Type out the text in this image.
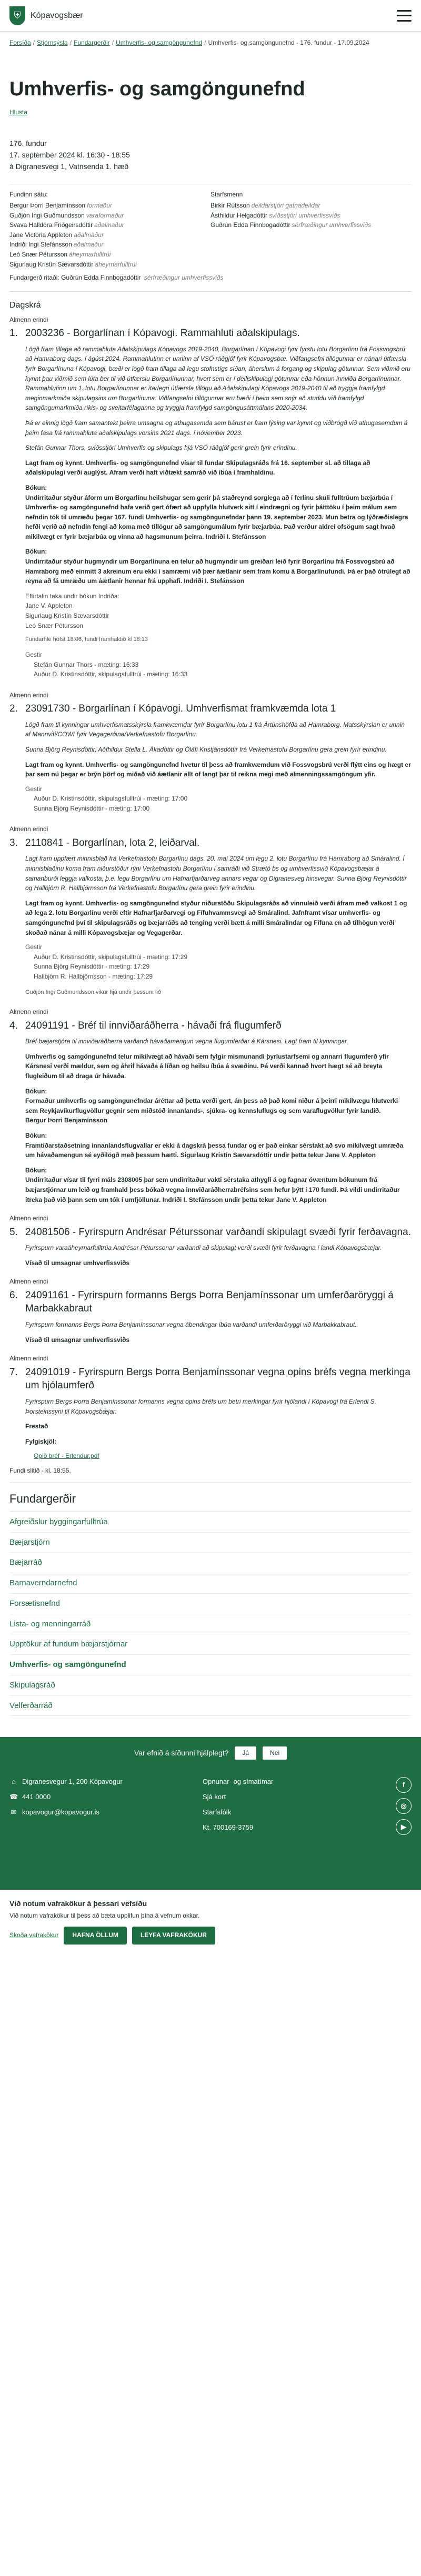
⛨	Kópavogsbær
Forsíða / Stjórnsýsla / Fundargerðir / Umhverfis- og samgöngunefnd / Umhverfis- og samgöngunefnd - 176. fundur - 17.09.2024
Umhverfis- og samgöngunefnd
Hlusta
176. fundur
17. september 2024 kl. 16:30 - 18:55
á Digranesvegi 1, Vatnsenda 1. hæð
Fundinn sátu:
Bergur Þorri Benjamínsson formaður
Guðjón Ingi Guðmundsson varaformaður
Svava Halldóra Friðgeirsdóttir aðalmaður
Jane Victoria Appleton aðalmaður
Indriði Ingi Stefánsson aðalmaður
Leó Snær Pétursson áheyrnarfulltrúi
Sigurlaug Kristín Sævarsdóttir áheyrnarfulltrúi
Starfsmenn
Birkir Rútsson deildarstjóri gatnadeildar
Ásthildur Helgadóttir sviðsstjóri umhverfissviðs
Guðrún Edda Finnbogadóttir sérfræðingur umhverfissviðs
Fundargerð ritaði: Guðrún Edda Finnbogadóttir sérfræðingur umhverfissviðs
Dagskrá
Almenn erindi
1. 2003236 - Borgarlínan í Kópavogi. Rammahluti aðalskipulags.
Lögð fram tillaga að rammahluta Aðalskipulags Kópavogs 2019-2040, Borgarlínan í Kópavogi fyrir fyrstu lotu Borgarlínu frá Fossvogsbrú að Hamraborg dags. í ágúst 2024. Rammahlutinn er unninn af VSÓ ráðgjöf fyrir Kópavogsbæ. Viðfangsefni tillögunnar er nánari útfærsla fyrir Borgarlínuna í Kópavogi, bæði er lögð fram tillaga að legu stofnstígs síðan, áherslum á forgang og skipulag götunnar. Sem viðmið eru kynnt þau viðmið sem lúta ber til við útfærslu Borgarlínunnar, hvort sem er í deiliskipulagi götunnar eða hönnun innviða Borgarlínunnar. Rammahlutinn um 1. lotu Borgarlínunnar er ítarlegri útfærsla tillögu að Aðalskipulagi Kópavogs 2019-2040 til að tryggja framfylgd meginmarkmiða skipulagsins um Borgarlínuna. Viðfangsefni tillögunnar eru bæði í þeim sem snýr að studdu við framfylgd samgöngumarkmiða ríkis- og sveitarfélaganna og tryggja framfylgd samgöngusáttmálans 2020-2034.
Þá er einnig lögð fram samantekt þeirra umsagna og athugasemda sem bárust er fram lýsing var kynnt og viðbrögð við athugasemdum á þeim fasa frá rammahluta aðalskipulags vorsins 2021 dags. í nóvember 2023.
Stefán Gunnar Thors, sviðsstjóri Umhverfis og skipulags hjá VSÓ ráðgjöf gerir grein fyrir erindinu.
Lagt fram og kynnt. Umhverfis- og samgöngunefnd vísar til fundar Skipulagsráðs frá 16. september sl. að tillaga að aðalskipulagi verði auglýst. Afram verði haft víðtækt samráð við íbúa í framhaldinu.
Bókun:
Undirritaður styður áform um Borgarlínu heilshugar sem gerir þá staðreynd sorglega að í ferlinu skuli fulltrúum bæjarbúa í Umhverfis- og samgöngunefnd hafa verið gert ófært að uppfylla hlutverk sitt í eindrægni og fyrir þátttöku í þeim málum sem nefndin tók til umræðu þegar 167. fundi Umhverfis- og samgöngunefndar þann 19. september 2023. Mun betra og lýðræðislegra hefði verið að nefndin fengi að koma með tillögur að samgöngumálum fyrir bæjarbúa. Það verður aldrei ofsögum sagt hvað mikilvægt er fyrir bæjarbúa og vinna að hagsmunum þeirra. Indriði I. Stefánsson
Bókun:
Undirritaður styður hugmyndir um Borgarlínuna en telur að hugmyndir um greiðari leið fyrir Borgarlínu frá Fossvogsbrú að Hamraborg með einmitt 3 akreinum eru ekki í samræmi við þær áætlanir sem fram komu á Borgarlínufundi. Þá er það ótrúlegt að reyna að fá umræðu um áætlanir hennar frá upphafi. Indriði I. Stefánsson
Eftirtalin taka undir bókun Indriða:
Jane V. Appleton
Sigurlaug Kristín Sævarsdóttir
Leó Snær Pétursson
Fundarhlé hófst 18:06, fundi framhaldið kl 18:13
Gestir
Stefán Gunnar Thors - mæting: 16:33
Auður D. Kristinsdóttir, skipulagsfulltrúi - mæting: 16:33
Almenn erindi
2. 23091730 - Borgarlínan í Kópavogi. Umhverfismat framkvæmda lota 1
Lögð fram til kynningar umhverfismatsskýrsla framkvæmdar fyrir Borgarlínu lotu 1 frá Ártúnshöfða að Hamraborg. Matsskýrslan er unnin af Mannviti/COWI fyrir Vegagerðina/Verkefnastofu Borgarlínu.
Sunna Björg Reynisdóttir, Aðfhildur Stella L. Ákadóttir og Óláfi Kristjánsdóttir frá Verkefnastofu Borgarlínu gera grein fyrir erindinu.
Lagt fram og kynnt. Umhverfis- og samgöngunefnd hvetur til þess að framkvæmdum við Fossvogsbrú verði flýtt eins og hægt er þar sem nú þegar er brýn þörf og miðað við áætlanir allt of langt þar til reikna megi með almenningssamgöngum yfir.
Gestir
Auður D. Kristinsdóttir, skipulagsfulltrúi - mæting: 17:00
Sunna Björg Reynisdóttir - mæting: 17:00
Almenn erindi
3. 2110841 - Borgarlínan, lota 2, leiðarval.
Lagt fram uppfært minnisblað frá Verkefnastofu Borgarlínu dags. 20. maí 2024 um legu 2. lotu Borgarlínu frá Hamraborg að Smáralind. Í minnisblaðinu koma fram niðurstöður rýni Verkefnastofu Borgarlínu í samráði við Strætó bs og umhverfissvið Kópavogsbæjar á samanburði leggja valkosta, þ.e. legu Borgarlínu um Hafnarfjarðarveg annars vegar og Digranesveg hinsvegar. Sunna Björg Reynisdóttir og Hallbjörn R. Hallbjörnsson frá Verkefnastofu Borgarlínu gera grein fyrir erindinu.
Lagt fram og kynnt. Umhverfis- og samgöngunefnd styður niðurstöðu Skipulagsráðs að vinnuleið verði áfram með valkost 1 og að lega 2. lotu Borgarlínu verði eftir Hafnarfjarðarvegi og Fífuhvammsvegi að Smáralind. Jafnframt vísar umhverfis- og samgöngunefnd því til skipulagsráðs og bæjarráðs að tenging verði bætt á milli Smáralindar og Fífuna en að tilhögun verði skoðað nánar á milli Kópavogsbæjar og Vegagerðar.
Gestir
Auður D. Kristinsdóttir, skipulagsfulltrúi - mæting: 17:29
Sunna Björg Reynisdóttir - mæting: 17:29
Hallbjörn R. Hallbjörnsson - mæting: 17:29
Guðjón Ingi Guðmundsson vikur hjá undir þessum lið
Almenn erindi
4. 24091191 - Bréf til innviðaráðherra - hávaði frá flugumferð
Bréf bæjarstjóra til innviðaráðherra varðandi hávaðamengun vegna flugumferðar á Kársnesi. Lagt fram til kynningar.
Umhverfis og samgöngunefnd telur mikilvægt að hávaði sem fylgir mismunandi þyrlustarfsemi og annarri flugumferð yfir Kársnesi verði mældur, sem og áhrif hávaða á líðan og heilsu íbúa á svæðinu. Þá verði kannað hvort hægt sé að breyta flugleiðum til að draga úr hávaða.
Bókun:
Formaður umhverfis og samgöngunefndar áréttar að þetta verði gert, án þess að það komi niður á þeirri mikilvægu hlutverki sem Reykjavíkurflugvöllur gegnir sem miðstöð innanlands-, sjúkra- og kennsluflugs og sem varaflugvöllur fyrir landið.
Bergur Þorri Benjamínsson
Bókun:
Framtíðarstaðsetning innanlandsflugvallar er ekki á dagskrá þessa fundar og er það einkar sérstakt að svo mikilvægt umræða um hávaðamengun sé eyðilögð með þessum hætti. Sigurlaug Kristín Sævarsdóttir undir þetta tekur Jane V. Appleton
Bókun:
Undirritaður vísar til fyrri máls 2308005 þar sem undirritaður vakti sérstaka athygli á og fagnar óvæntum bókunum frá bæjarstjórnar um leið og framhald þess bókað vegna innviðaráðherrabréfsins sem hefur þýtt í 170 fundi. Þá vildi undirritaður ítreka það við þann sem um tók í umfjöllunar. Indriði I. Stefánsson undir þetta tekur Jane V. Appleton
Almenn erindi
5. 24081506 - Fyrirspurn Andrésar Péturssonar varðandi skipulagt svæði fyrir ferðavagna.
Fyrirspurn varaáheyrnarfulltrúa Andrésar Péturssonar varðandi að skipulagt verði svæði fyrir ferðavagna í landi Kópavogsbæjar.
Vísað til umsagnar umhverfissviðs
Almenn erindi
6. 24091161 - Fyrirspurn formanns Bergs Þorra Benjamínssonar um umferðaröryggi á Marbakkabraut
Fyrirspurn formanns Bergs Þorra Benjamínssonar vegna ábendingar íbúa varðandi umferðaröryggi við Marbakkabraut.
Vísað til umsagnar umhverfissviðs
Almenn erindi
7. 24091019 - Fyrirspurn Bergs Þorra Benjamínssonar vegna opins bréfs vegna merkinga um hjólaumferð
Fyrirspurn Bergs Þorra Benjamínssonar formanns vegna opins bréfs um betri merkingar fyrir hjólandi í Kópavogi frá Erlendi S. Þorsteinssyni til Kópavogsbæjar.
Frestað
Fylgiskjöl:
Opið bréf - Erlendur.pdf
Fundi slitið - kl. 18:55.
Fundargerðir
Afgreiðslur byggingarfulltrúa
Bæjarstjórn
Bæjarráð
Barnaverndarnefnd
Forsætisnefnd
Lista- og menningarráð
Upptökur af fundum bæjarstjórnar
Umhverfis- og samgöngunefnd
Skipulagsráð
Velferðarráð
Var efnið á síðunni hjálplegt?	Já	Nei
⌂ Digranesvegur 1, 200 Kópavogur
☎ 441 0000
✉ kopavogur@kopavogur.is
Opnunar- og símatímar
Sjá kort
Starfsfólk
Kt. 700169-3759
f
◎
▶
Við notum vafrakökur á þessari vefsíðu
Við notum vafrakökur til þess að bæta upplifun þína á vefnum okkar.
Skoða vafrakökur	HAFNA ÖLLUM	LEYFA VAFRAKÖKUR
